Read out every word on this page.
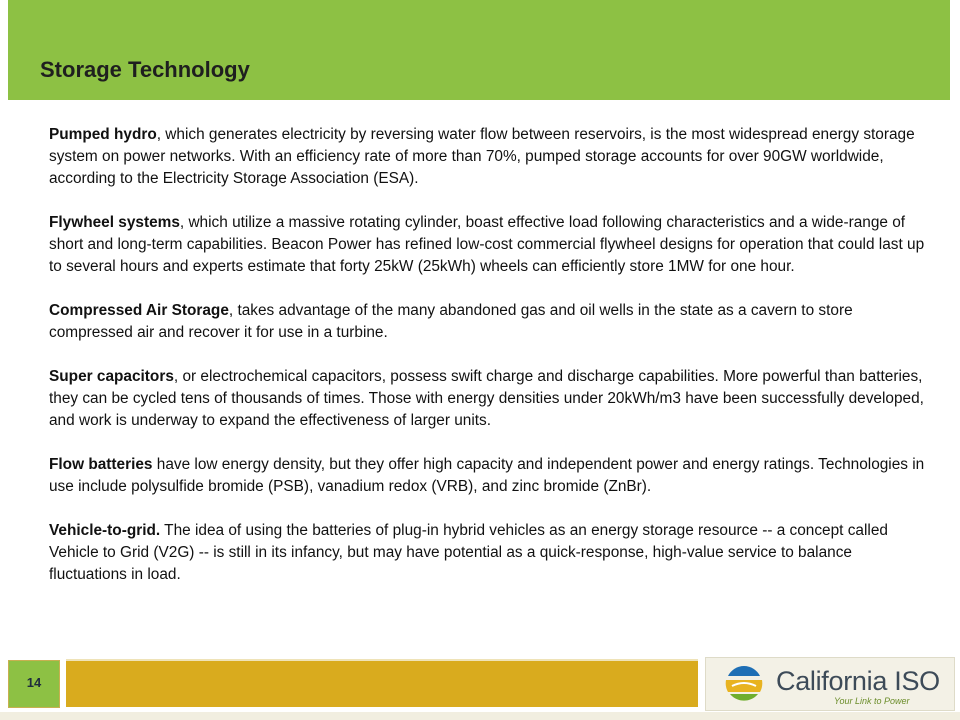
Storage Technology

Pumped hydro, which generates electricity by reversing water flow between reservoirs, is the most widespread energy storage system on power networks. With an efficiency rate of more than 70%, pumped storage accounts for over 90GW worldwide, according to the Electricity Storage Association (ESA).

Flywheel systems, which utilize a massive rotating cylinder, boast effective load following characteristics and a wide-range of short and long-term capabilities. Beacon Power has refined low-cost commercial flywheel designs for operation that could last up to several hours and experts estimate that forty 25kW (25kWh) wheels can efficiently store 1MW for one hour.

Compressed Air Storage, takes advantage of the many abandoned gas and oil wells in the state as a cavern to store compressed air and recover it for use in a turbine.

Super capacitors, or electrochemical capacitors, possess swift charge and discharge capabilities. More powerful than batteries, they can be cycled tens of thousands of times. Those with energy densities under 20kWh/m3 have been successfully developed, and work is underway to expand the effectiveness of larger units.

Flow batteries have low energy density, but they offer high capacity and independent power and energy ratings. Technologies in use include polysulfide bromide (PSB), vanadium redox (VRB), and zinc bromide (ZnBr).

Vehicle-to-grid. The idea of using the batteries of plug-in hybrid vehicles as an energy storage resource -- a concept called Vehicle to Grid (V2G) -- is still in its infancy, but may have potential as a quick-response, high-value service to balance fluctuations in load.

14	California ISO
Your Link to Power
